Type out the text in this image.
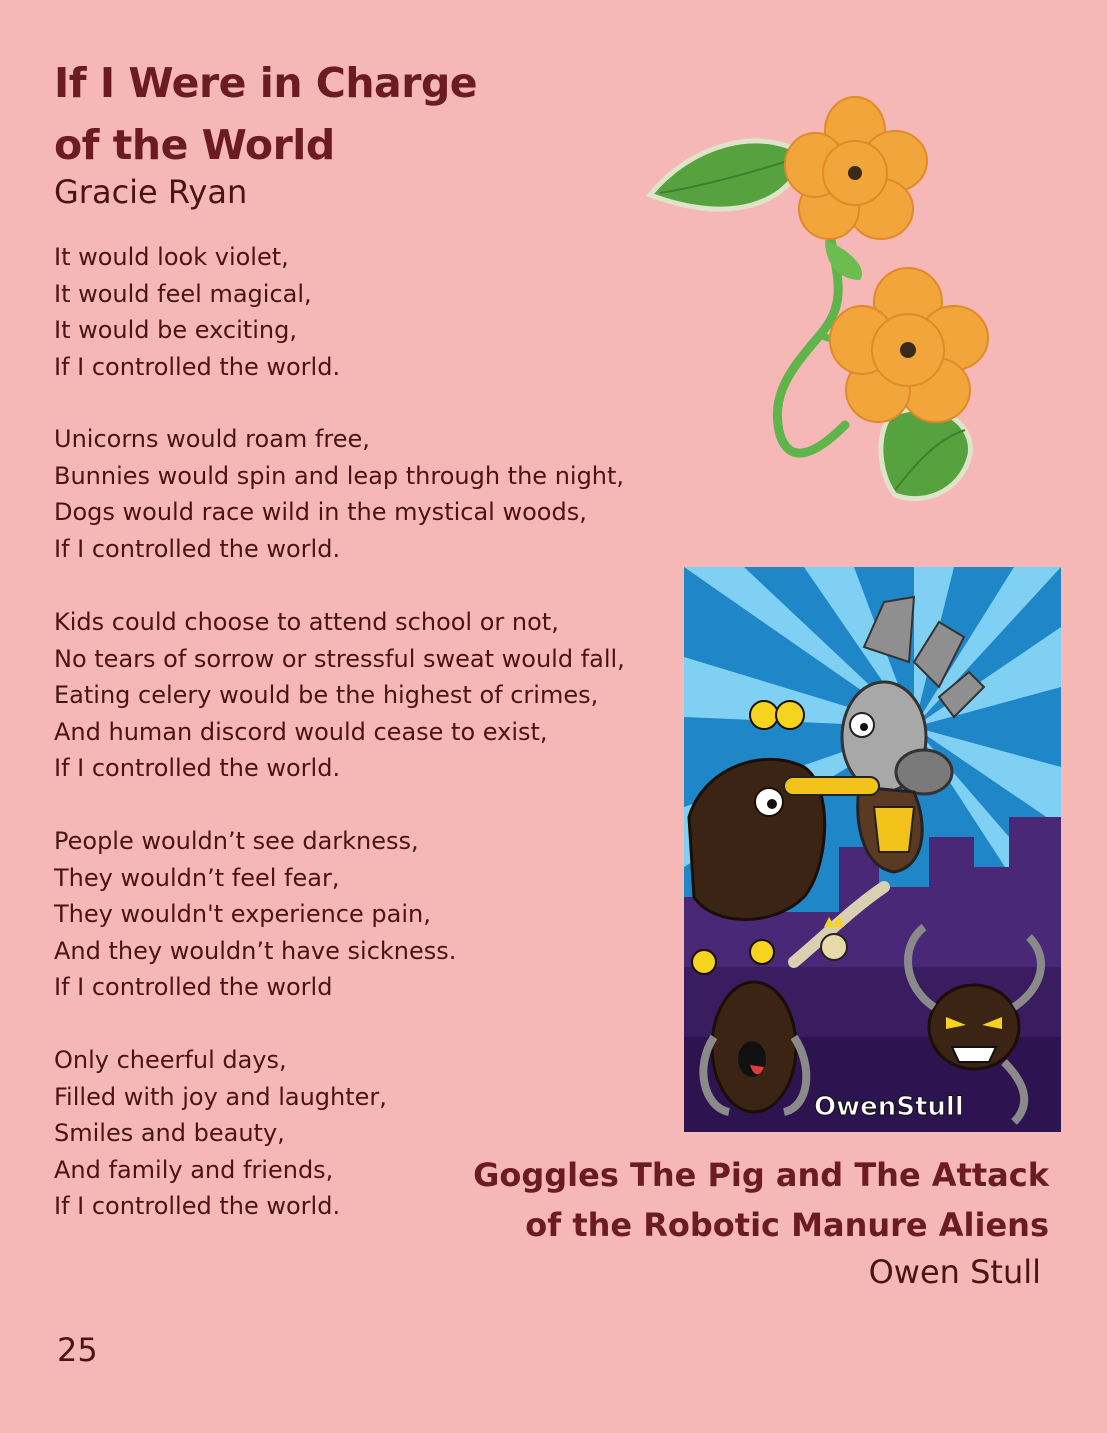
If I Were in Charge
of the World
Gracie Ryan
It would look violet,
It would feel magical,
It would be exciting,
If I controlled the world.
Unicorns would roam free,
Bunnies would spin and leap through the night,
Dogs would race wild in the mystical woods,
If I controlled the world.
Kids could choose to attend school or not,
No tears of sorrow or stressful sweat would fall,
Eating celery would be the highest of crimes,
And human discord would cease to exist,
If I controlled the world.
People wouldn’t see darkness,
They wouldn’t feel fear,
They wouldn't experience pain,
And they wouldn’t have sickness.
If I controlled the world
Only cheerful days,
Filled with joy and laughter,
Smiles and beauty,
And family and friends,
If I controlled the world.
OwenStull
Goggles The Pig and The Attack
of the Robotic Manure Aliens
Owen Stull
25
